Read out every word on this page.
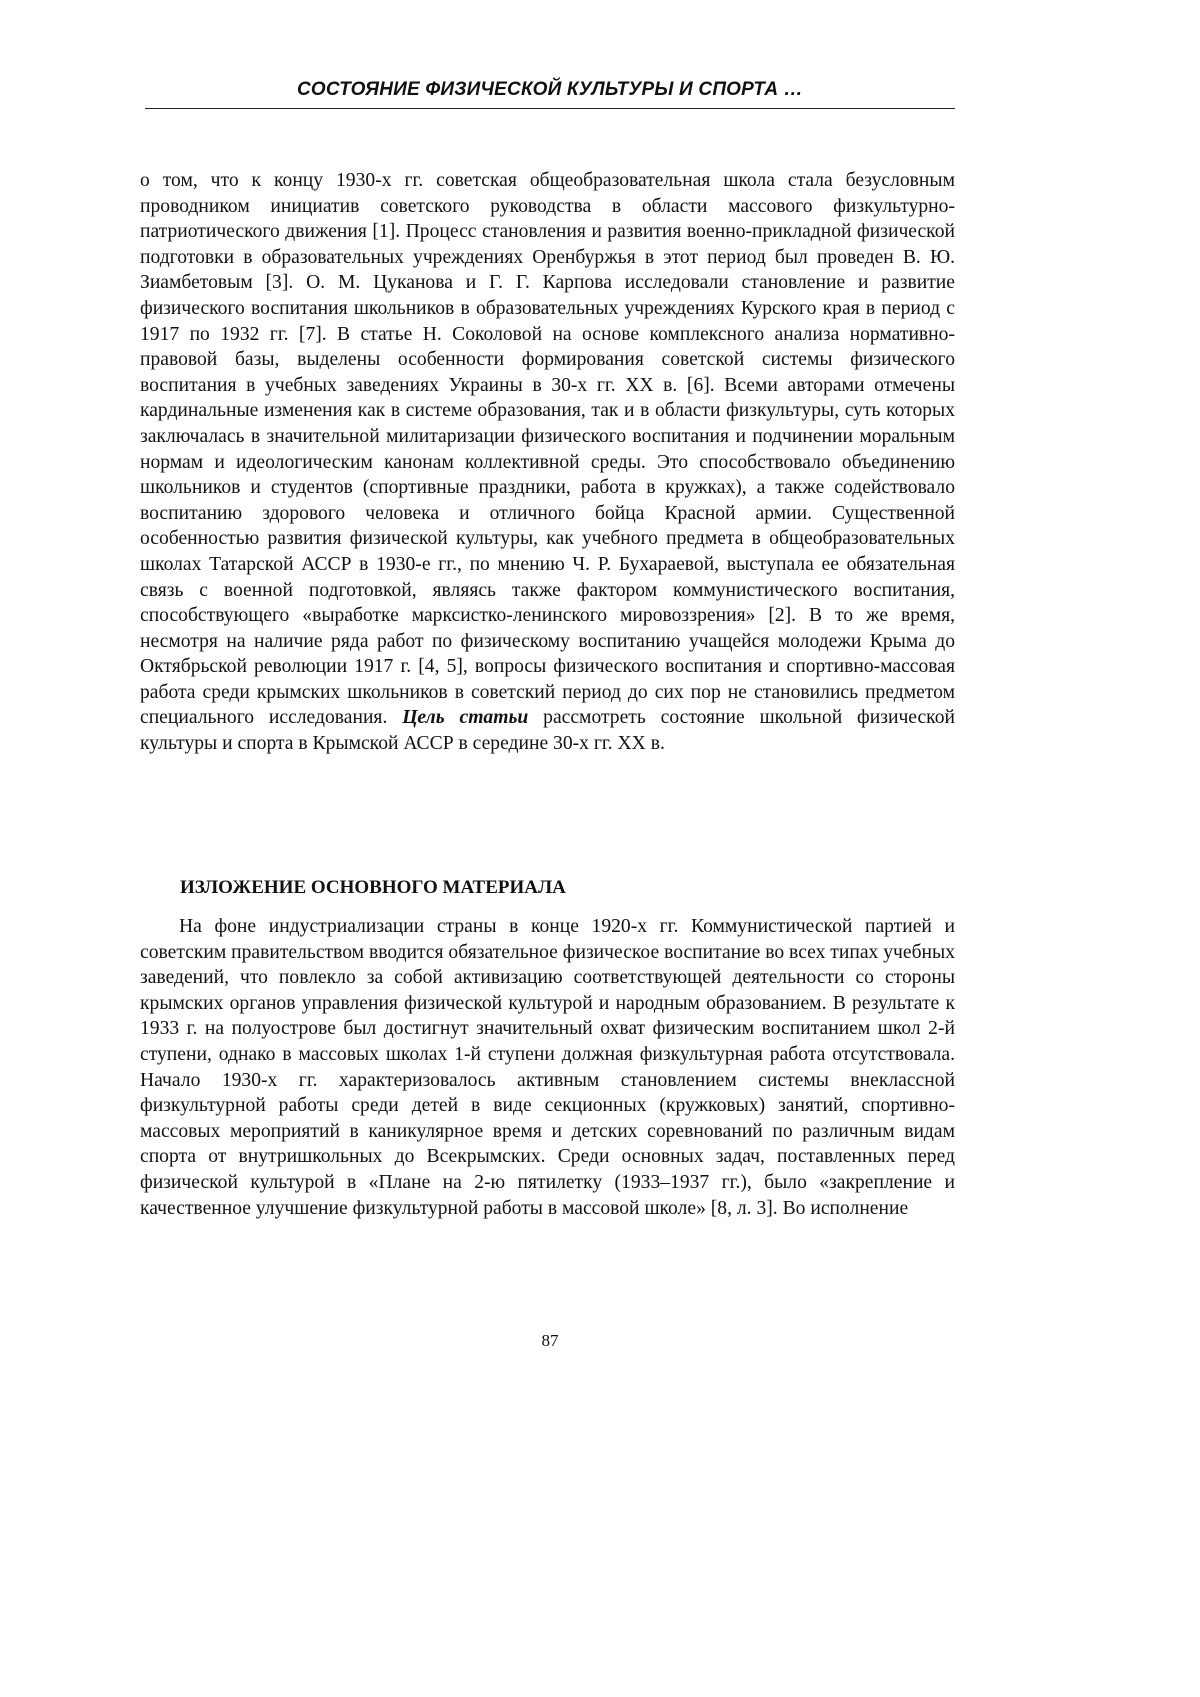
СОСТОЯНИЕ ФИЗИЧЕСКОЙ КУЛЬТУРЫ И СПОРТА …

о том, что к концу 1930-х гг. советская общеобразовательная школа стала безусловным проводником инициатив советского руководства в области массового физкультурно-патриотического движения [1]. Процесс становления и развития военно-прикладной физической подготовки в образовательных учреждениях Оренбуржья в этот период был проведен В. Ю. Зиамбетовым [3]. О. М. Цуканова и Г. Г. Карпова исследовали становление и развитие физического воспитания школьников в образовательных учреждениях Курского края в период с 1917 по 1932 гг. [7]. В статье Н. Соколовой на основе комплексного анализа нормативно-правовой базы, выделены особенности формирования советской системы физического воспитания в учебных заведениях Украины в 30-х гг. ХХ в. [6]. Всеми авторами отмечены кардинальные изменения как в системе образования, так и в области физкультуры, суть которых заключалась в значительной милитаризации физического воспитания и подчинении моральным нормам и идеологическим канонам коллективной среды. Это способствовало объединению школьников и студентов (спортивные праздники, работа в кружках), а также содействовало воспитанию здорового человека и отличного бойца Красной армии. Существенной особенностью развития физической культуры, как учебного предмета в общеобразовательных школах Татарской АССР в 1930-е гг., по мнению Ч. Р. Бухараевой, выступала ее обязательная связь с военной подготовкой, являясь также фактором коммунистического воспитания, способствующего «выработке марксистко-ленинского мировоззрения» [2]. В то же время, несмотря на наличие ряда работ по физическому воспитанию учащейся молодежи Крыма до Октябрьской революции 1917 г. [4, 5], вопросы физического воспитания и спортивно-массовая работа среди крымских школьников в советский период до сих пор не становились предметом специального исследования. Цель статьи рассмотреть состояние школьной физической культуры и спорта в Крымской АССР в середине 30-х гг. ХХ в.

ИЗЛОЖЕНИЕ ОСНОВНОГО МАТЕРИАЛА

На фоне индустриализации страны в конце 1920-х гг. Коммунистической партией и советским правительством вводится обязательное физическое воспитание во всех типах учебных заведений, что повлекло за собой активизацию соответствующей деятельности со стороны крымских органов управления физической культурой и народным образованием. В результате к 1933 г. на полуострове был достигнут значительный охват физическим воспитанием школ 2-й ступени, однако в массовых школах 1-й ступени должная физкультурная работа отсутствовала. Начало 1930-х гг. характеризовалось активным становлением системы внеклассной физкультурной работы среди детей в виде секционных (кружковых) занятий, спортивно-массовых мероприятий в каникулярное время и детских соревнований по различным видам спорта от внутришкольных до Всекрымских. Среди основных задач, поставленных перед физической культурой в «Плане на 2-ю пятилетку (1933–1937 гг.), было «закрепление и качественное улучшение физкультурной работы в массовой школе» [8, л. 3]. Во исполнение

87
